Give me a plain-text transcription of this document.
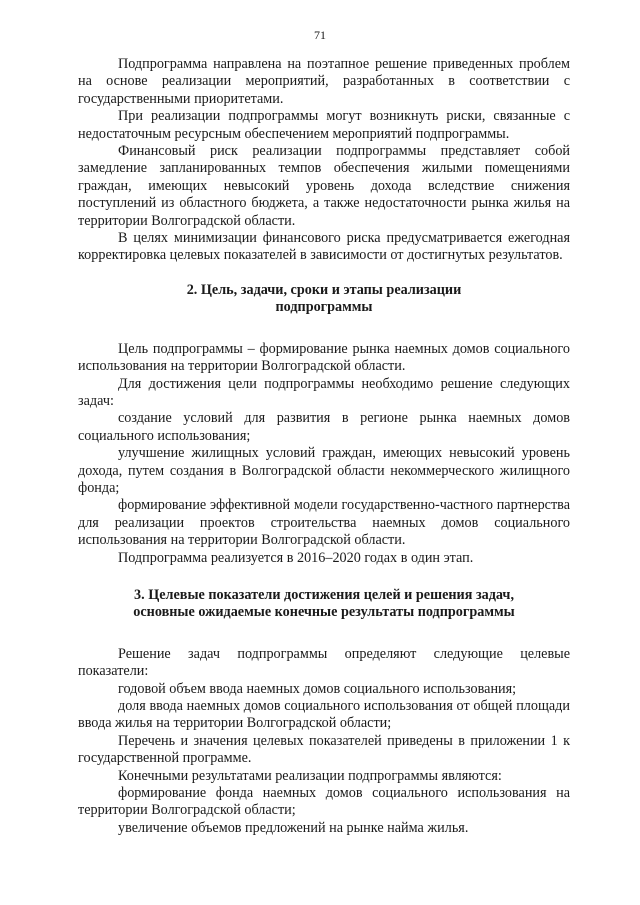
71

Подпрограмма направлена на поэтапное решение приведенных проблем на основе реализации мероприятий, разработанных в соответствии с государственными приоритетами.

При реализации подпрограммы могут возникнуть риски, связанные с недостаточным ресурсным обеспечением мероприятий подпрограммы.

Финансовый риск реализации подпрограммы представляет собой замедление запланированных темпов обеспечения жилыми помещениями граждан, имеющих невысокий уровень дохода вследствие снижения поступлений из областного бюджета, а также недостаточности рынка жилья на территории Волгоградской области.

В целях минимизации финансового риска предусматривается ежегодная корректировка целевых показателей в зависимости от достигнутых результатов.

2. Цель, задачи, сроки и этапы реализации
подпрограммы

Цель подпрограммы – формирование рынка наемных домов социального использования на территории Волгоградской области.

Для достижения цели подпрограммы необходимо решение следующих задач:

создание условий для развития в регионе рынка наемных домов социального использования;

улучшение жилищных условий граждан, имеющих невысокий уровень дохода, путем создания в Волгоградской области некоммерческого жилищного фонда;

формирование эффективной модели государственно-частного партнерства для реализации проектов строительства наемных домов социального использования на территории Волгоградской области.

Подпрограмма реализуется в 2016–2020 годах в один этап.

3. Целевые показатели достижения целей и решения задач,
основные ожидаемые конечные результаты подпрограммы

Решение задач подпрограммы определяют следующие целевые показатели:

годовой объем ввода наемных домов социального использования;

доля ввода наемных домов социального использования от общей площади ввода жилья на территории Волгоградской области;

Перечень и значения целевых показателей приведены в приложении 1 к государственной программе.

Конечными результатами реализации подпрограммы являются:

формирование фонда наемных домов социального использования на территории Волгоградской области;

увеличение объемов предложений на рынке найма жилья.
